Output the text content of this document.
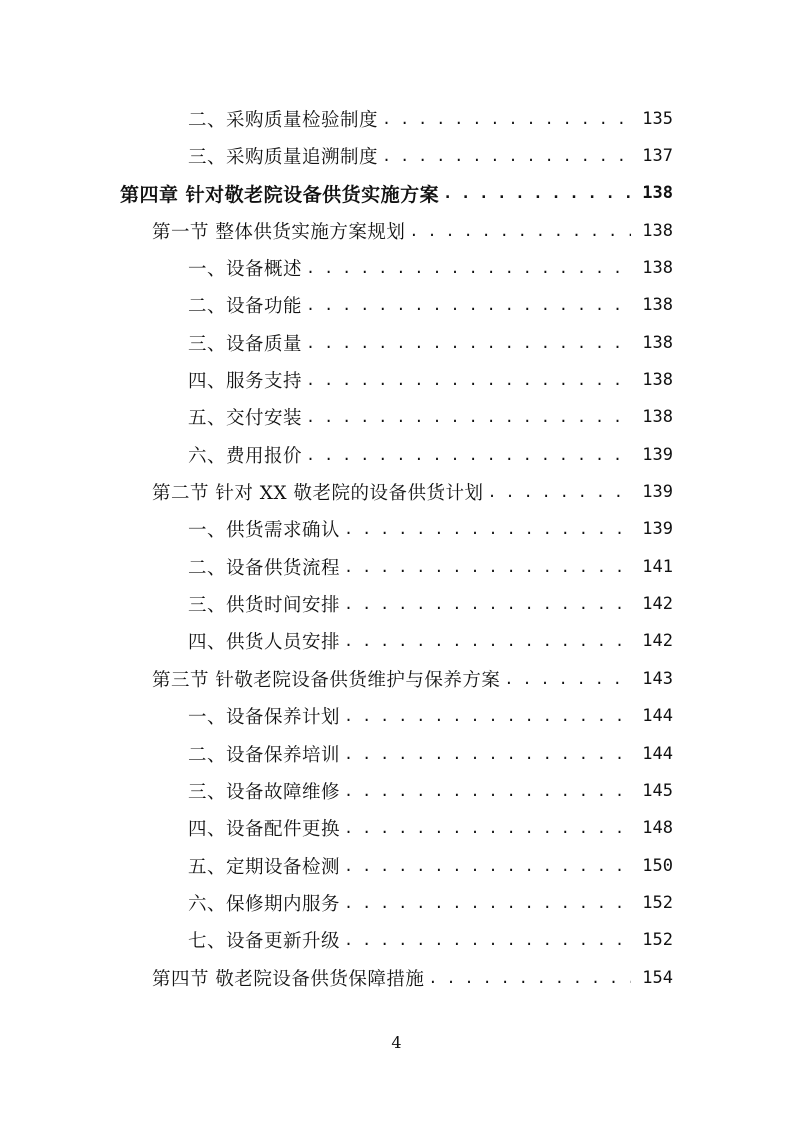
二、采购质量检验制度 . . .	135
三、采购质量追溯制度 . . .	137
第四章 针对敬老院设备供货实施方案 . . .	138
第一节 整体供货实施方案规划 . . .	138
一、设备概述 . . .	138
二、设备功能 . . .	138
三、设备质量 . . .	138
四、服务支持 . . .	138
五、交付安装 . . .	138
六、费用报价 . . .	139
第二节 针对 XX 敬老院的设备供货计划 . . .	139
一、供货需求确认 . . .	139
二、设备供货流程 . . .	141
三、供货时间安排 . . .	142
四、供货人员安排 . . .	142
第三节 针敬老院设备供货维护与保养方案 . . .	143
一、设备保养计划 . . .	144
二、设备保养培训 . . .	144
三、设备故障维修 . . .	145
四、设备配件更换 . . .	148
五、定期设备检测 . . .	150
六、保修期内服务 . . .	152
七、设备更新升级 . . .	152
第四节 敬老院设备供货保障措施 . . .	154
4
